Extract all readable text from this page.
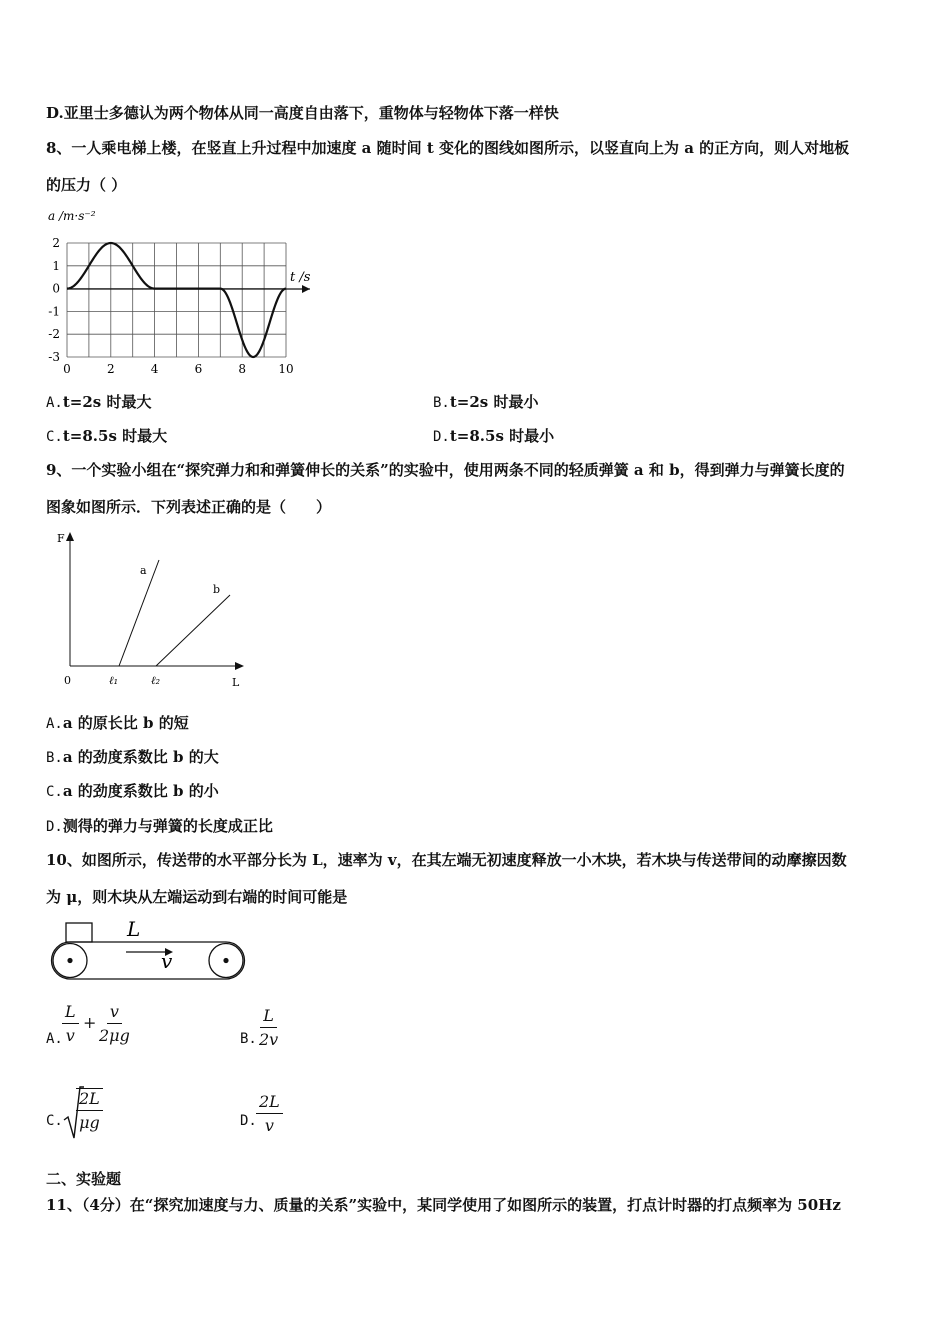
D.亚里士多德认为两个物体从同一高度自由落下，重物体与轻物体下落一样快
8、一人乘电梯上楼，在竖直上升过程中加速度 a 随时间 t 变化的图线如图所示，以竖直向上为 a 的正方向，则人对地板
的压力（ ）
a /m·s⁻²
t /s
2
1
0
-1
-2
-3
0	2	4	6	8	10
A.t=2s 时最大	B.t=2s 时最小
C.t=8.5s 时最大	D.t=8.5s 时最小
9、一个实验小组在“探究弹力和和弹簧伸长的关系”的实验中，使用两条不同的轻质弹簧 a 和 b，得到弹力与弹簧长度的
图象如图所示．下列表述正确的是（　　）
F
0	ℓ₁	ℓ₂	L
a
b
A.a 的原长比 b 的短
B.a 的劲度系数比 b 的大
C.a 的劲度系数比 b 的小
D.测得的弹力与弹簧的长度成正比
10、如图所示，传送带的水平部分长为 L，速率为 v，在其左端无初速度释放一小木块，若木块与传送带间的动摩擦因数
为 μ，则木块从左端运动到右端的时间可能是
L
v
A. $\frac{L}{v} + \frac{v}{2\mu g}$	B. $\frac{L}{2v}$
C. $\frac{2L}{\mu g}$	D. $\frac{2L}{v}$
二、实验题
11、（4分）在“探究加速度与力、质量的关系”实验中，某同学使用了如图所示的装置，打点计时器的打点频率为 50Hz
